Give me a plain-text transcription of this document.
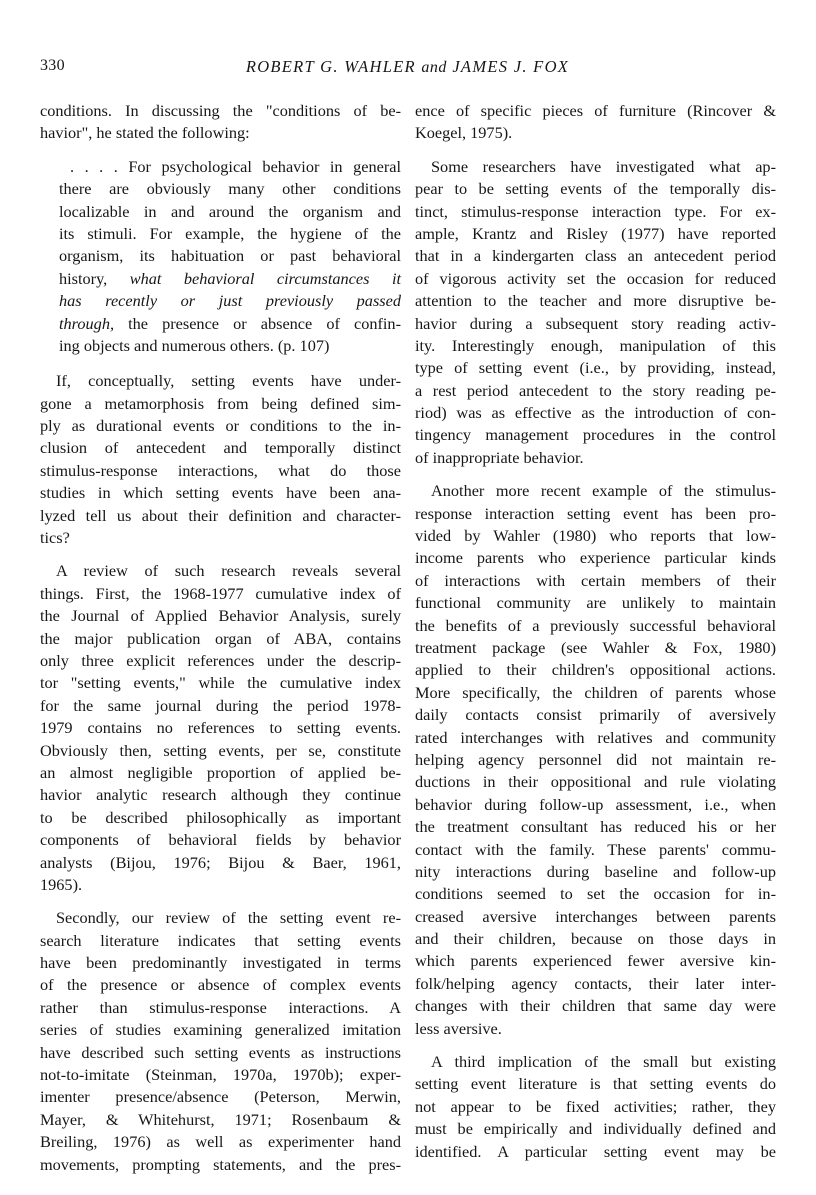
330	ROBERT G. WAHLER and JAMES J. FOX
conditions. In discussing the "conditions of be-
havior", he stated the following:
. . . . For psychological behavior in general
there are obviously many other conditions
localizable in and around the organism and
its stimuli. For example, the hygiene of the
organism, its habituation or past behavioral
history, what behavioral circumstances it
has recently or just previously passed
through, the presence or absence of confin-
ing objects and numerous others. (p. 107)
If, conceptually, setting events have under-
gone a metamorphosis from being defined sim-
ply as durational events or conditions to the in-
clusion of antecedent and temporally distinct
stimulus-response interactions, what do those
studies in which setting events have been ana-
lyzed tell us about their definition and character-
tics?
A review of such research reveals several
things. First, the 1968-1977 cumulative index of
the Journal of Applied Behavior Analysis, surely
the major publication organ of ABA, contains
only three explicit references under the descrip-
tor "setting events," while the cumulative index
for the same journal during the period 1978-
1979 contains no references to setting events.
Obviously then, setting events, per se, constitute
an almost negligible proportion of applied be-
havior analytic research although they continue
to be described philosophically as important
components of behavioral fields by behavior
analysts (Bijou, 1976; Bijou & Baer, 1961,
1965).
Secondly, our review of the setting event re-
search literature indicates that setting events
have been predominantly investigated in terms
of the presence or absence of complex events
rather than stimulus-response interactions. A
series of studies examining generalized imitation
have described such setting events as instructions
not-to-imitate (Steinman, 1970a, 1970b); exper-
imenter presence/absence (Peterson, Merwin,
Mayer, & Whitehurst, 1971; Rosenbaum &
Breiling, 1976) as well as experimenter hand
movements, prompting statements, and the pres-
ence of specific pieces of furniture (Rincover &
Koegel, 1975).
Some researchers have investigated what ap-
pear to be setting events of the temporally dis-
tinct, stimulus-response interaction type. For ex-
ample, Krantz and Risley (1977) have reported
that in a kindergarten class an antecedent period
of vigorous activity set the occasion for reduced
attention to the teacher and more disruptive be-
havior during a subsequent story reading activ-
ity. Interestingly enough, manipulation of this
type of setting event (i.e., by providing, instead,
a rest period antecedent to the story reading pe-
riod) was as effective as the introduction of con-
tingency management procedures in the control
of inappropriate behavior.
Another more recent example of the stimulus-
response interaction setting event has been pro-
vided by Wahler (1980) who reports that low-
income parents who experience particular kinds
of interactions with certain members of their
functional community are unlikely to maintain
the benefits of a previously successful behavioral
treatment package (see Wahler & Fox, 1980)
applied to their children's oppositional actions.
More specifically, the children of parents whose
daily contacts consist primarily of aversively
rated interchanges with relatives and community
helping agency personnel did not maintain re-
ductions in their oppositional and rule violating
behavior during follow-up assessment, i.e., when
the treatment consultant has reduced his or her
contact with the family. These parents' commu-
nity interactions during baseline and follow-up
conditions seemed to set the occasion for in-
creased aversive interchanges between parents
and their children, because on those days in
which parents experienced fewer aversive kin-
folk/helping agency contacts, their later inter-
changes with their children that same day were
less aversive.
A third implication of the small but existing
setting event literature is that setting events do
not appear to be fixed activities; rather, they
must be empirically and individually defined and
identified. A particular setting event may be
